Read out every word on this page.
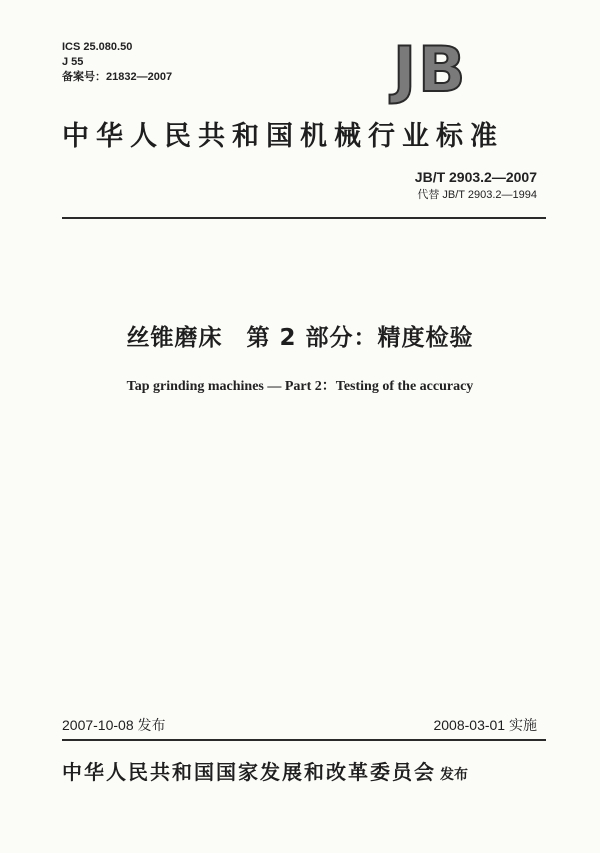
ICS 25.080.50
J 55
备案号：21832—2007	JB
中华人民共和国机械行业标准
JB/T 2903.2—2007
代替 JB/T 2903.2—1994
丝锥磨床　第 2 部分：精度检验
Tap grinding machines — Part 2：Testing of the accuracy
2007-10-08 发布	2008-03-01 实施
中华人民共和国国家发展和改革委员会 发布
